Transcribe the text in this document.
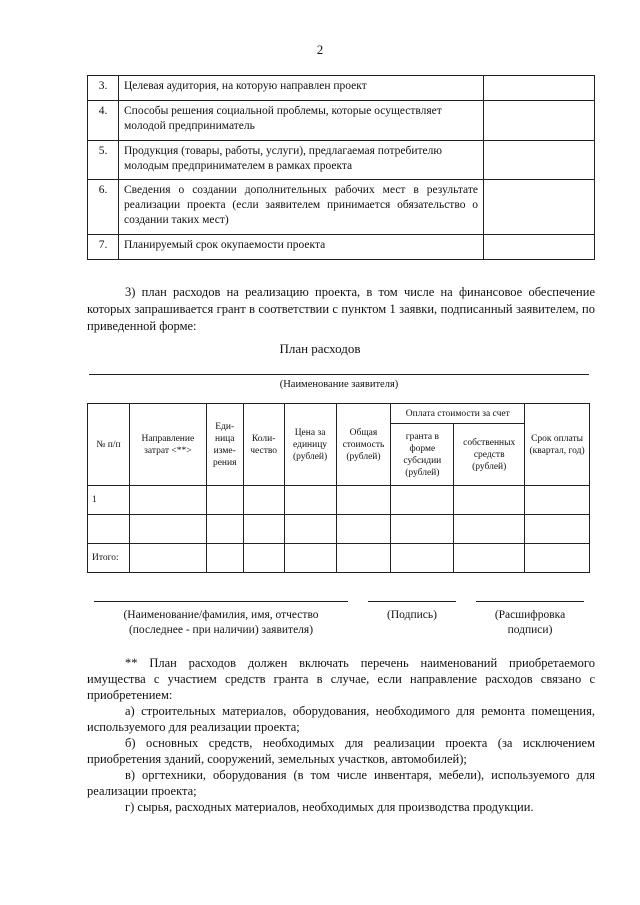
2
3.	Целевая аудитория, на которую направлен проект	
4.	Способы решения социальной проблемы, которые осуществляет молодой предприниматель	
5.	Продукция (товары, работы, услуги), предлагаемая потребителю молодым предпринимателем в рамках проекта	
6.	Сведения о создании дополнительных рабочих мест в результате реализации проекта (если заявителем принимается обязательство о создании таких мест)	
7.	Планируемый срок окупаемости проекта	
3) план расходов на реализацию проекта, в том числе на финансовое обеспечение которых запрашивается грант в соответствии с пунктом 1 заявки, подписанный заявителем, по приведенной форме:
План расходов
(Наименование заявителя)
№ п/п	Направление затрат <**>	Еди-ница изме-рения	Коли-чество	Цена за единицу (рублей)	Общая стоимость (рублей)	Оплата стоимости за счет		Срок оплаты (квартал, год)
						гранта в форме субсидии (рублей)	собственных средств (рублей)	
1								

Итого:								
(Наименование/фамилия, имя, отчество (последнее - при наличии) заявителя)
(Подпись)	(Расшифровка подписи)

** План расходов должен включать перечень наименований приобретаемого имущества с участием средств гранта в случае, если направление расходов связано с приобретением:

а) строительных материалов, оборудования, необходимого для ремонта помещения, используемого для реализации проекта;

б) основных средств, необходимых для реализации проекта (за исключением приобретения зданий, сооружений, земельных участков, автомобилей);

в) оргтехники, оборудования (в том числе инвентаря, мебели), используемого для реализации проекта;

г) сырья, расходных материалов, необходимых для производства продукции.
